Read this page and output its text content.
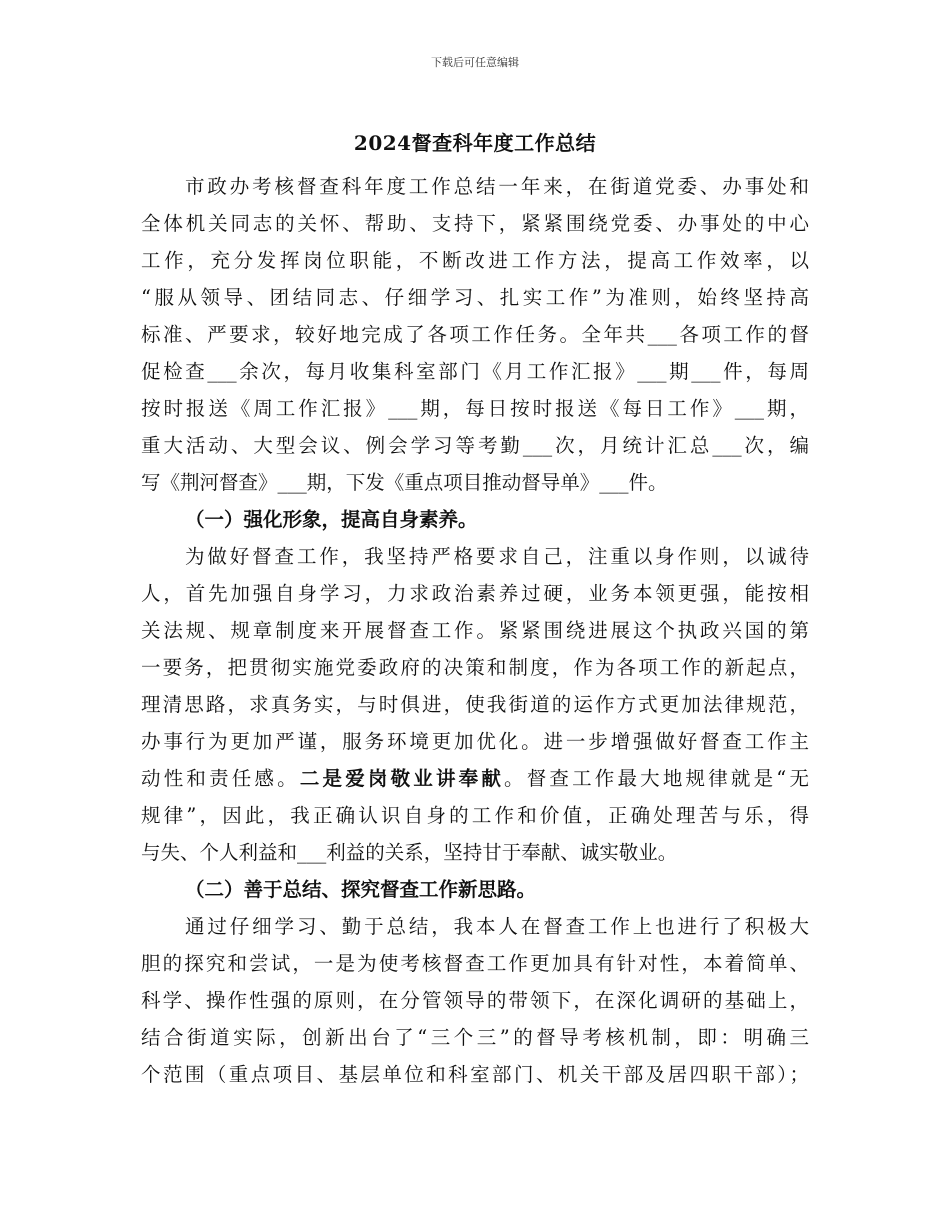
下载后可任意编辑
2024督查科年度工作总结
市政办考核督查科年度工作总结一年来，在街道党委、办事处和
全体机关同志的关怀、帮助、支持下，紧紧围绕党委、办事处的中心
工作，充分发挥岗位职能，不断改进工作方法，提高工作效率，以
“服从领导、团结同志、仔细学习、扎实工作”为准则，始终坚持高
标准、严要求，较好地完成了各项工作任务。全年共___各项工作的督
促检查___余次，每月收集科室部门《月工作汇报》___期___件，每周
按时报送《周工作汇报》___期，每日按时报送《每日工作》___期，
重大活动、大型会议、例会学习等考勤___次，月统计汇总___次，编
写《荆河督查》___期，下发《重点项目推动督导单》___件。
（一）强化形象，提高自身素养。
为做好督查工作，我坚持严格要求自己，注重以身作则，以诚待
人，首先加强自身学习，力求政治素养过硬，业务本领更强，能按相
关法规、规章制度来开展督查工作。紧紧围绕进展这个执政兴国的第
一要务，把贯彻实施党委政府的决策和制度，作为各项工作的新起点，
理清思路，求真务实，与时俱进，使我街道的运作方式更加法律规范，
办事行为更加严谨，服务环境更加优化。进一步增强做好督查工作主
动性和责任感。二是爱岗敬业讲奉献。督查工作最大地规律就是“无
规律”，因此，我正确认识自身的工作和价值，正确处理苦与乐，得
与失、个人利益和___利益的关系，坚持甘于奉献、诚实敬业。
（二）善于总结、探究督查工作新思路。
通过仔细学习、勤于总结，我本人在督查工作上也进行了积极大
胆的探究和尝试，一是为使考核督查工作更加具有针对性，本着简单、
科学、操作性强的原则，在分管领导的带领下，在深化调研的基础上，
结合街道实际，创新出台了“三个三”的督导考核机制，即：明确三
个范围（重点项目、基层单位和科室部门、机关干部及居四职干部）；
